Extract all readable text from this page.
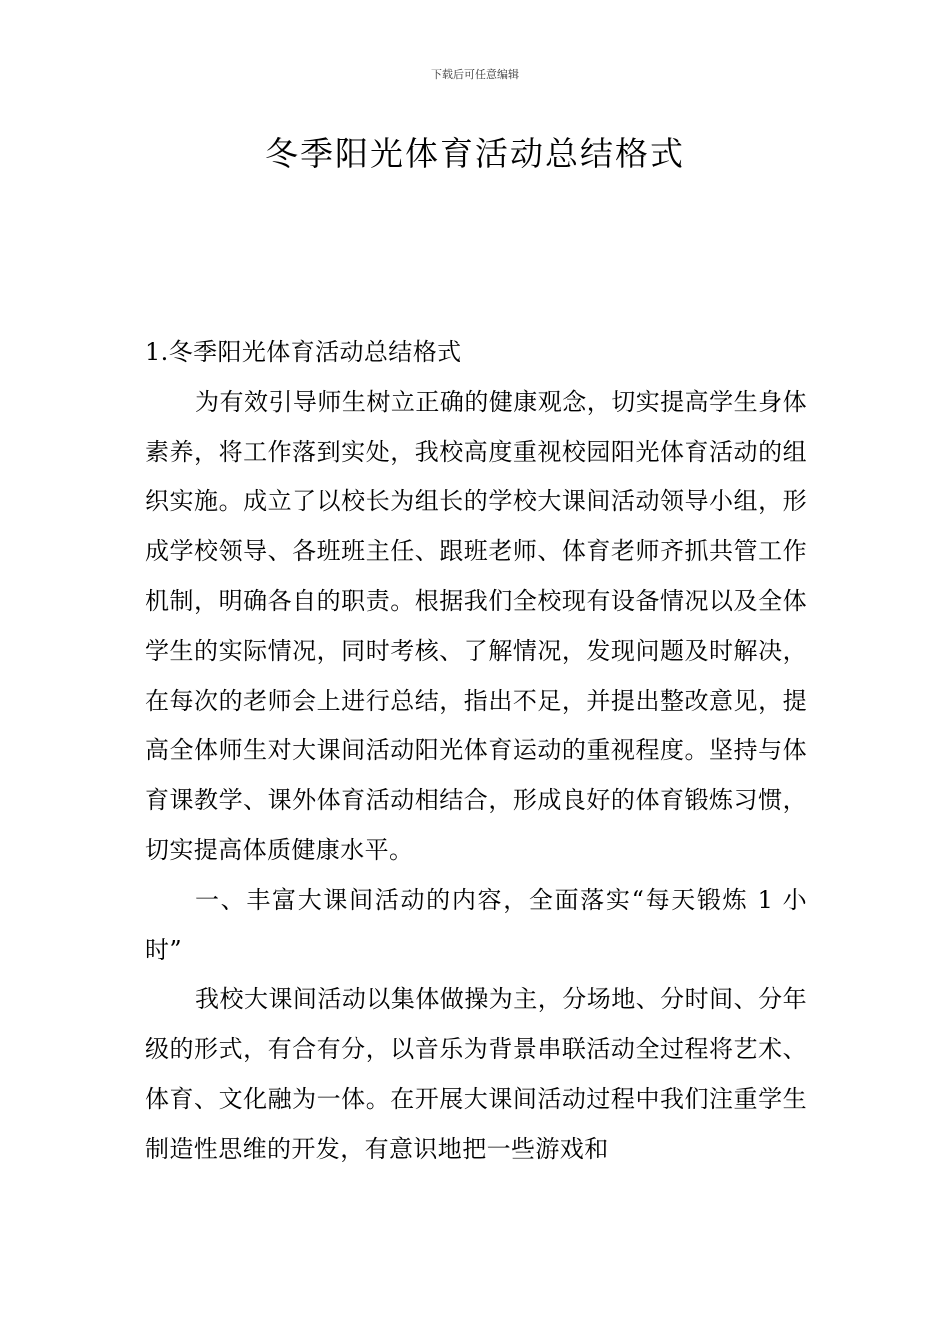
下载后可任意编辑
冬季阳光体育活动总结格式

1.冬季阳光体育活动总结格式

为有效引导师生树立正确的健康观念，切实提高学生身体素养，将工作落到实处，我校高度重视校园阳光体育活动的组织实施。成立了以校长为组长的学校大课间活动领导小组，形成学校领导、各班班主任、跟班老师、体育老师齐抓共管工作机制，明确各自的职责。根据我们全校现有设备情况以及全体学生的实际情况，同时考核、了解情况，发现问题及时解决，在每次的老师会上进行总结，指出不足，并提出整改意见，提高全体师生对大课间活动阳光体育运动的重视程度。坚持与体育课教学、课外体育活动相结合，形成良好的体育锻炼习惯，切实提高体质健康水平。

一、丰富大课间活动的内容，全面落实“每天锻炼 1 小时”

我校大课间活动以集体做操为主，分场地、分时间、分年级的形式，有合有分，以音乐为背景串联活动全过程将艺术、体育、文化融为一体。在开展大课间活动过程中我们注重学生制造性思维的开发，有意识地把一些游戏和
